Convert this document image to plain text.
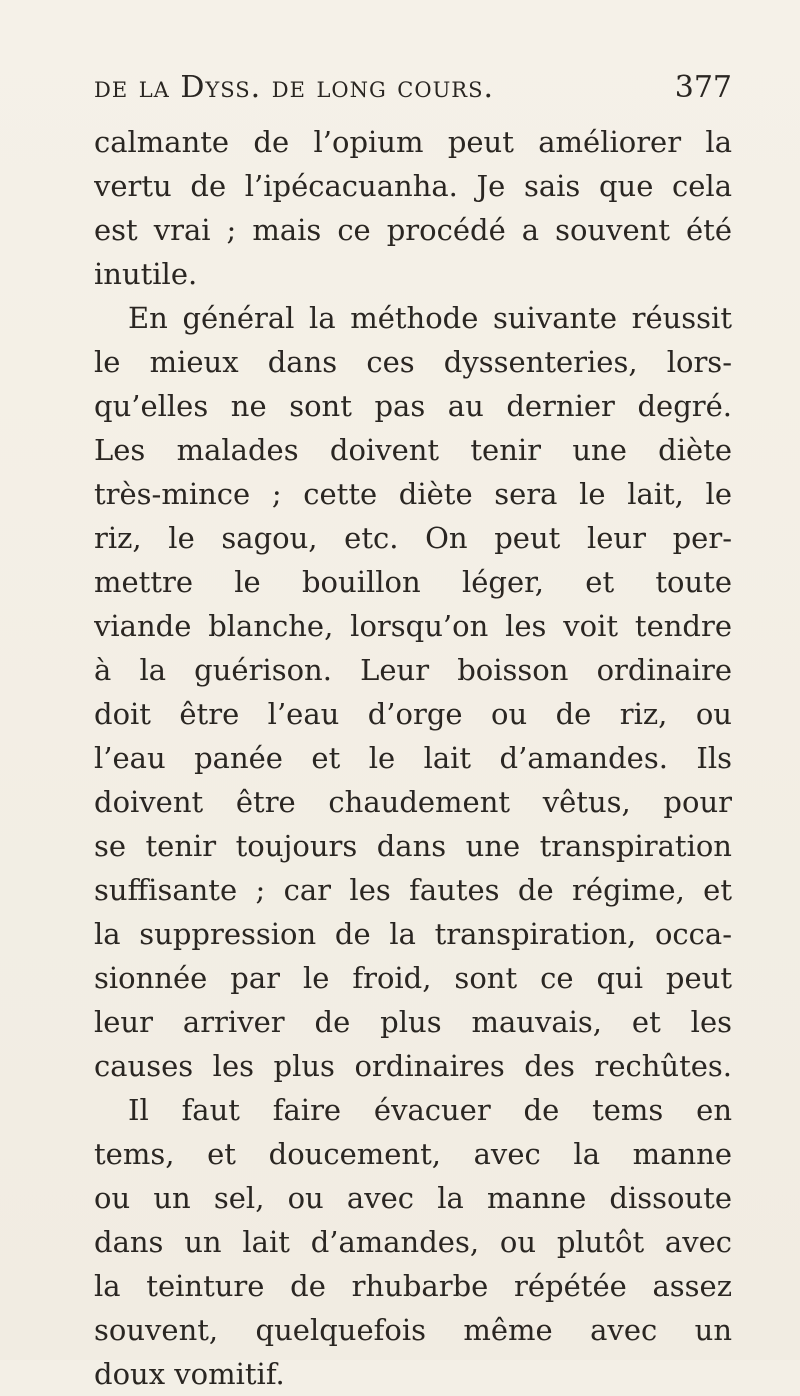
de la Dyss. de long cours.	377
calmante de l’opium peut améliorer la
vertu de l’ipécacuanha. Je sais que cela
est vrai ; mais ce procédé a souvent été
inutile.
En général la méthode suivante réussit
le mieux dans ces dyssenteries, lors-
qu’elles ne sont pas au dernier degré.
Les malades doivent tenir une diète
très-mince ; cette diète sera le lait, le
riz, le sagou, etc. On peut leur per-
mettre le bouillon léger, et toute
viande blanche, lorsqu’on les voit tendre
à la guérison. Leur boisson ordinaire
doit être l’eau d’orge ou de riz, ou
l’eau panée et le lait d’amandes. Ils
doivent être chaudement vêtus, pour
se tenir toujours dans une transpiration
suffisante ; car les fautes de régime, et
la suppression de la transpiration, occa-
sionnée par le froid, sont ce qui peut
leur arriver de plus mauvais, et les
causes les plus ordinaires des rechûtes.
Il faut faire évacuer de tems en
tems, et doucement, avec la manne
ou un sel, ou avec la manne dissoute
dans un lait d’amandes, ou plutôt avec
la teinture de rhubarbe répétée assez
souvent, quelquefois même avec un
doux vomitif.
